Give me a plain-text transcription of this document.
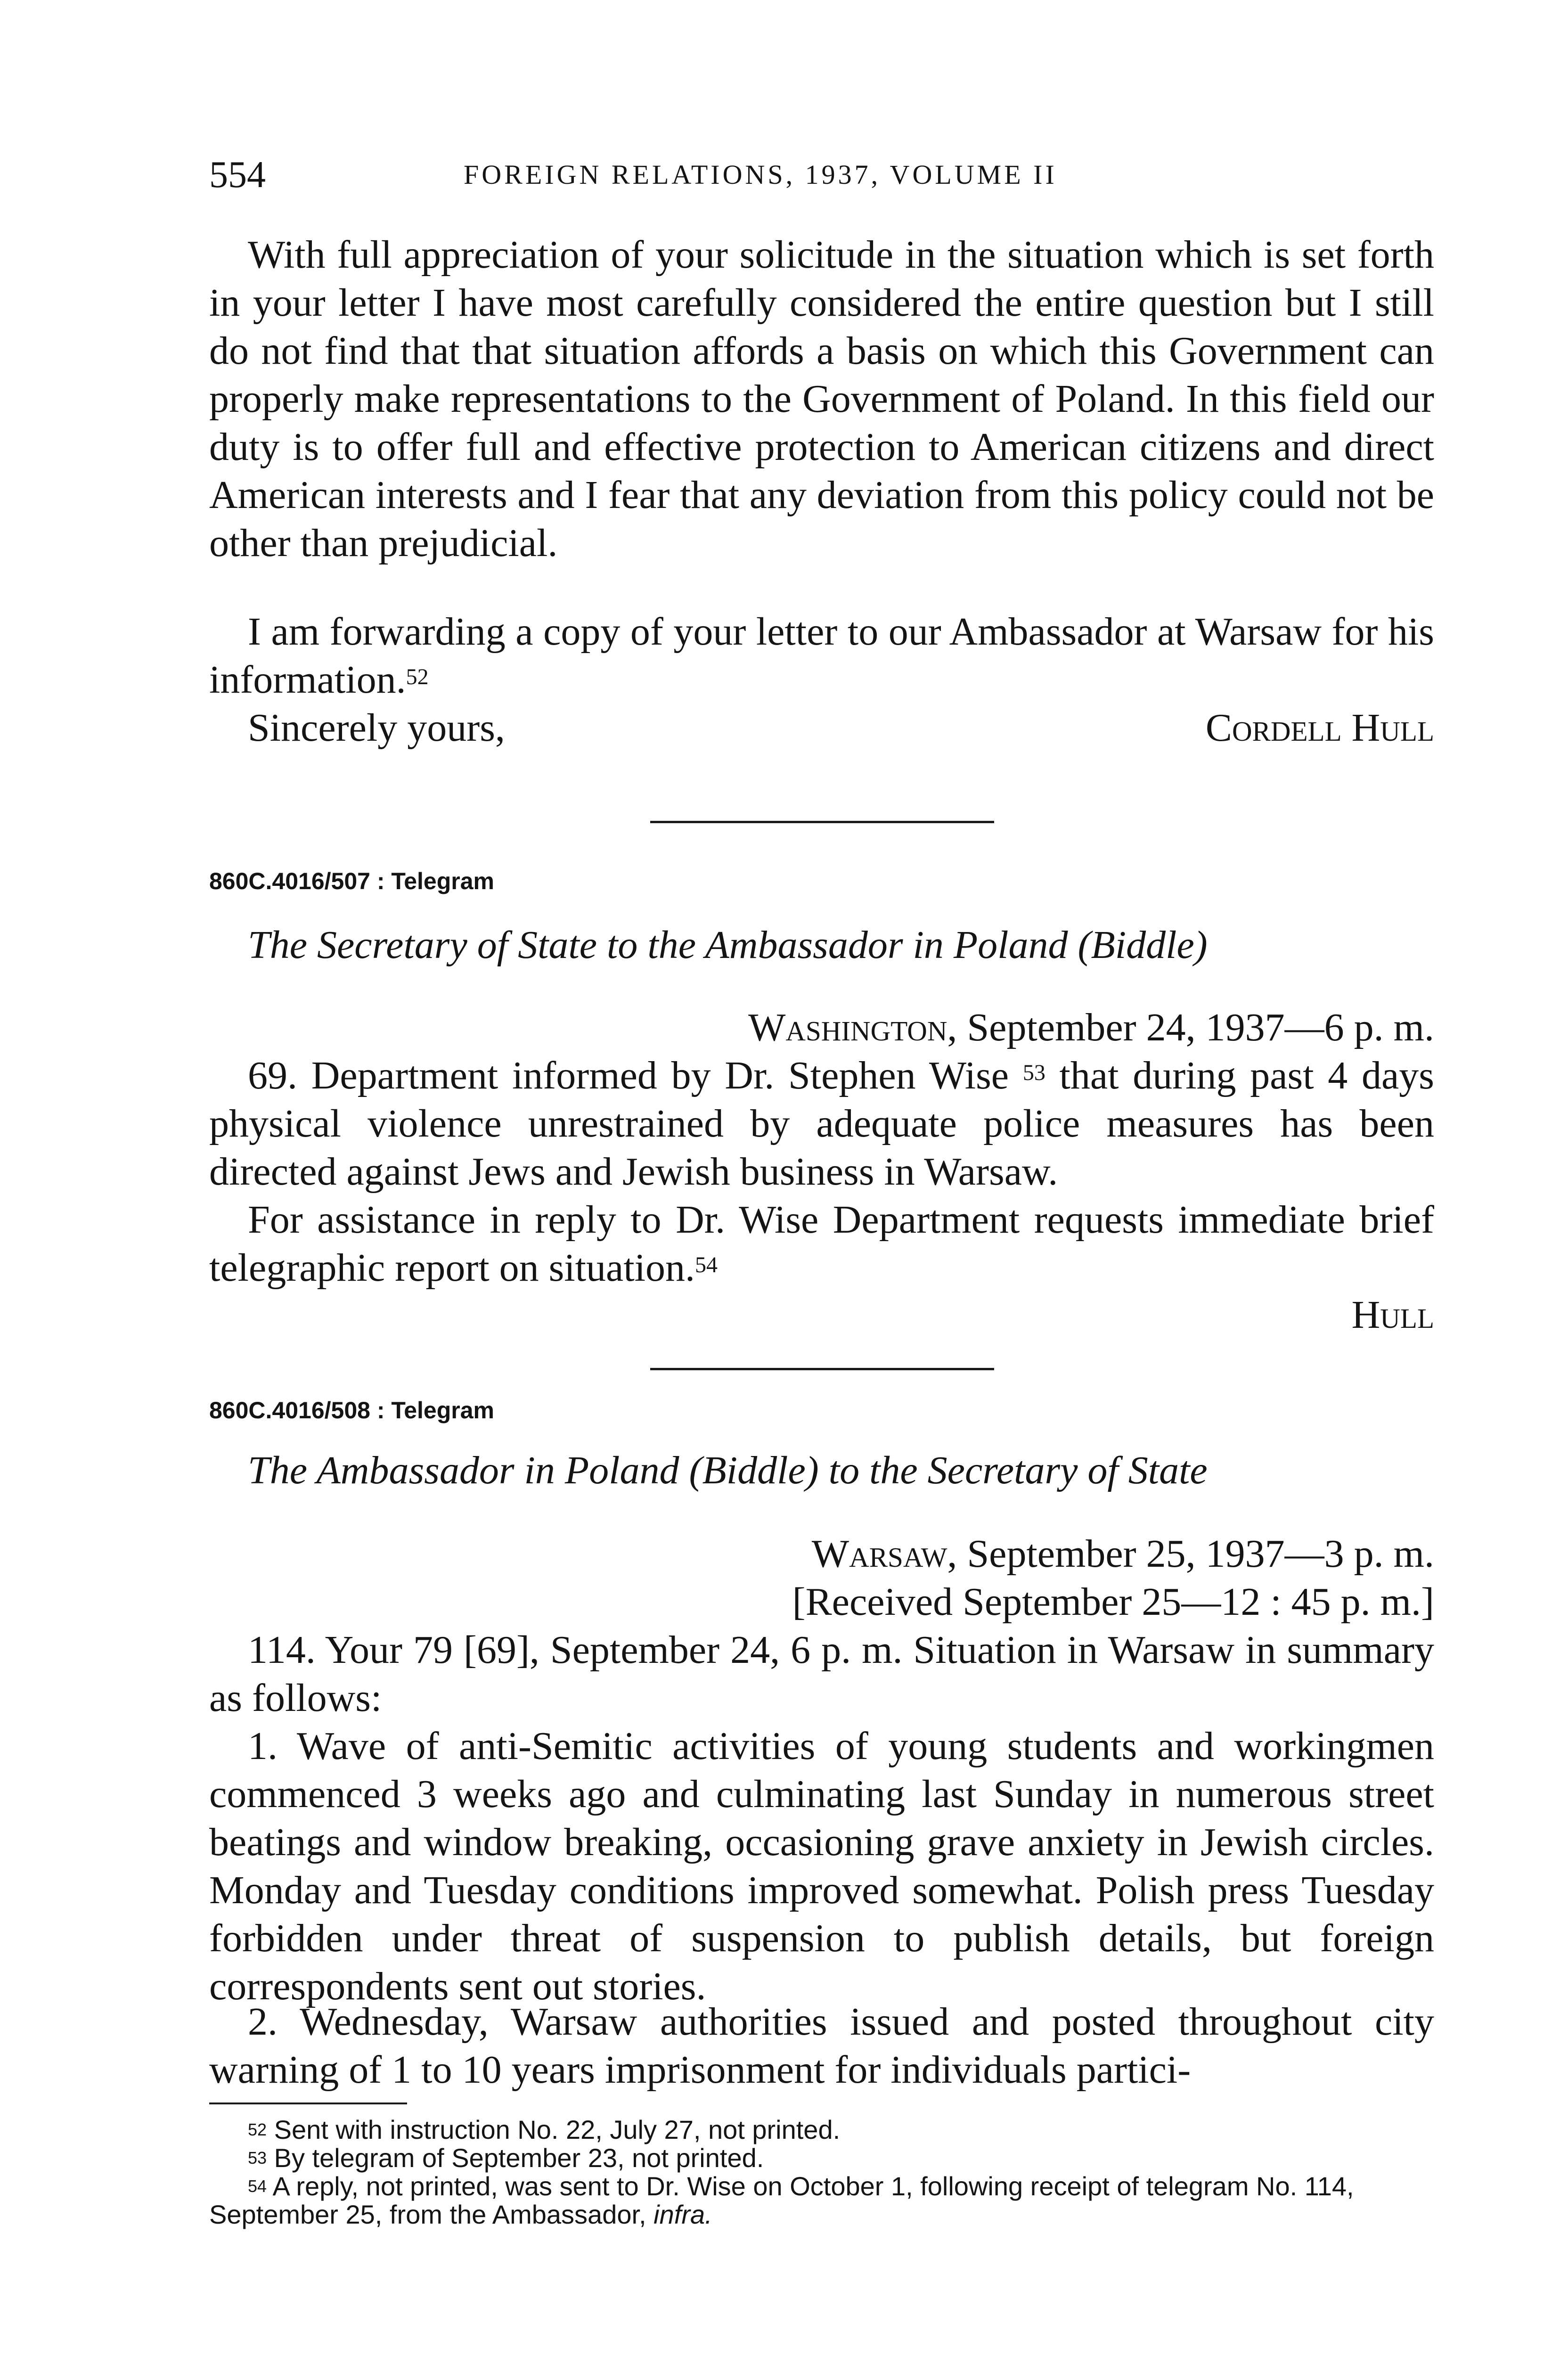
554	FOREIGN RELATIONS, 1937, VOLUME II

With full appreciation of your solicitude in the situation which is set forth in your letter I have most carefully considered the entire question but I still do not find that that situation affords a basis on which this Government can properly make representations to the Government of Poland. In this field our duty is to offer full and effective protection to American citizens and direct American interests and I fear that any deviation from this policy could not be other than prejudicial.

I am forwarding a copy of your letter to our Ambassador at Warsaw for his information.$^{52}$

Sincerely yours,	Cordell Hull
860C.4016/507 : Telegram
The Secretary of State to the Ambassador in Poland (Biddle)
Washington, September 24, 1937—6 p. m.

69. Department informed by Dr. Stephen Wise $^{53}$ that during past 4 days physical violence unrestrained by adequate police measures has been directed against Jews and Jewish business in Warsaw.

For assistance in reply to Dr. Wise Department requests immediate brief telegraphic report on situation.$^{54}$

Hull
860C.4016/508 : Telegram
The Ambassador in Poland (Biddle) to the Secretary of State
Warsaw, September 25, 1937—3 p. m.
[Received September 25—12 : 45 p. m.]

114. Your 79 [69], September 24, 6 p. m. Situation in Warsaw in summary as follows:

1. Wave of anti-Semitic activities of young students and workingmen commenced 3 weeks ago and culminating last Sunday in numerous street beatings and window breaking, occasioning grave anxiety in Jewish circles. Monday and Tuesday conditions improved somewhat. Polish press Tuesday forbidden under threat of suspension to publish details, but foreign correspondents sent out stories.

2. Wednesday, Warsaw authorities issued and posted throughout city warning of 1 to 10 years imprisonment for individuals partici-

$^{52}$ Sent with instruction No. 22, July 27, not printed.

$^{53}$ By telegram of September 23, not printed.

$^{54}$ A reply, not printed, was sent to Dr. Wise on October 1, following receipt of telegram No. 114, September 25, from the Ambassador, infra.
